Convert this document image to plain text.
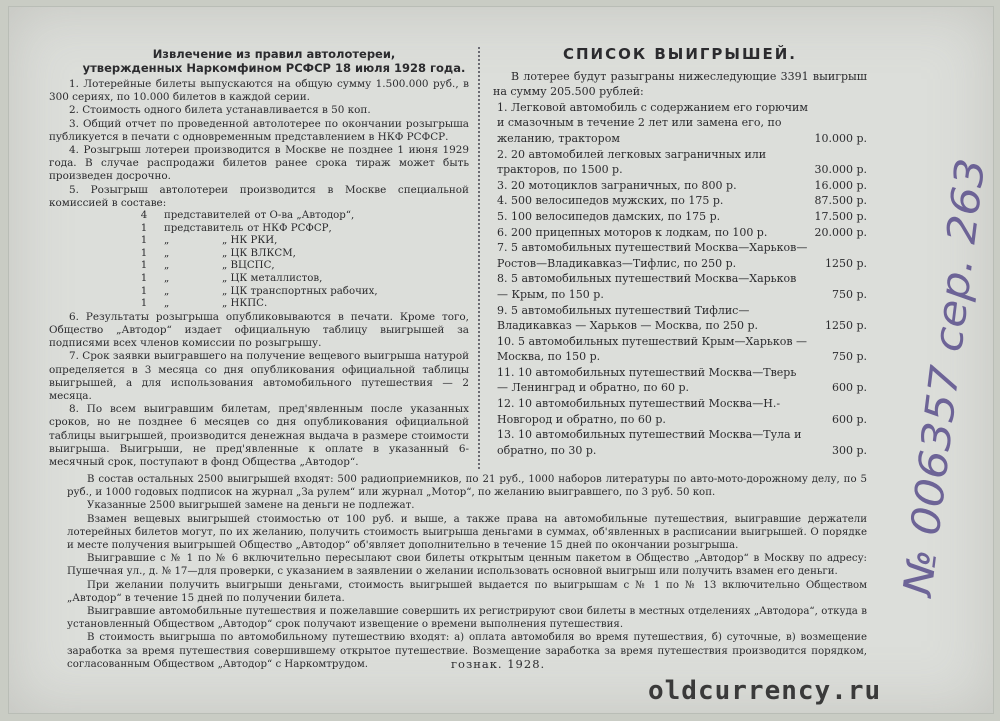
Извлечение из правил автолотереи,
утвержденных Наркомфином РСФСР 18 июля 1928 года.

1. Лотерейные билеты выпускаются на общую сумму 1.500.000 руб., в 300 сериях, по 10.000 билетов в каждой серии.

2. Стоимость одного билета устанавливается в 50 коп.

3. Общий отчет по проведенной автолотерее по окончании розыгрыша публикуется в печати с одновременным представлением в НКФ РСФСР.

4. Розыгрыш лотереи производится в Москве не позднее 1 июня 1929 года. В случае распродажи билетов ранее срока тираж может быть произведен досрочно.

5. Розыгрыш автолотереи производится в Москве специальной комиссией в составе:

4	представителей от О-ва „Автодор“,
1	представитель от НКФ РСФСР,
1	„	„ НК РКИ,
1	„	„ ЦК ВЛКСМ,
1	„	„ ВЦСПС,
1	„	„ ЦК металлистов,
1	„	„ ЦК транспортных рабочих,
1	„	„ НКПС.

6. Результаты розыгрыша опубликовываются в печати. Кроме того, Общество „Автодор“ издает официальную таблицу выигрышей за подписями всех членов комиссии по розыгрышу.

7. Срок заявки выигравшего на получение вещевого выигрыша натурой определяется в 3 месяца со дня опубликования официальной таблицы выигрышей, а для использования автомобильного путешествия — 2 месяца.

8. По всем выигравшим билетам, пред'явленным после указанных сроков, но не позднее 6 месяцев со дня опубликования официальной таблицы выигрышей, производится денежная выдача в размере стоимости выигрыша. Выигрыши, не пред'явленные к оплате в указанный 6-месячный срок, поступают в фонд Общества „Автодор“.

СПИСОК ВЫИГРЫШЕЙ.

В лотерее будут разыграны нижеследующие 3391 выигрыш на сумму 205.500 рублей:

1. Легковой автомобиль с содержанием его горючим и смазочным в течение 2 лет или замена его, по желанию, трактором	10.000 р.
2. 20 автомобилей легковых заграничных или тракторов, по 1500 р.	30.000 р.
3. 20 мотоциклов заграничных, по 800 р.	16.000 р.
4. 500 велосипедов мужских, по 175 р.	87.500 р.
5. 100 велосипедов дамских, по 175 р.	17.500 р.
6. 200 прицепных моторов к лодкам, по 100 р.	20.000 р.
7. 5 автомобильных путешествий Москва—Харьков—Ростов—Владикавказ—Тифлис, по 250 р.	1250 р.
8. 5 автомобильных путешествий Москва—Харьков — Крым, по 150 р.	750 р.
9. 5 автомобильных путешествий Тифлис—Владикавказ — Харьков — Москва, по 250 р.	1250 р.
10. 5 автомобильных путешествий Крым—Харьков — Москва, по 150 р.	750 р.
11. 10 автомобильных путешествий Москва—Тверь — Ленинград и обратно, по 60 р.	600 р.
12. 10 автомобильных путешествий Москва—Н.-Новгород и обратно, по 60 р.	600 р.
13. 10 автомобильных путешествий Москва—Тула и обратно, по 30 р.	300 р.

В состав остальных 2500 выигрышей входят: 500 радиоприемников, по 21 руб., 1000 наборов литературы по авто-мото-дорожному делу, по 5 руб., и 1000 годовых подписок на журнал „За рулем“ или журнал „Мотор“, по желанию выигравшего, по 3 руб. 50 коп.

Указанные 2500 выигрышей замене на деньги не подлежат.

Взамен вещевых выигрышей стоимостью от 100 руб. и выше, а также права на автомобильные путешествия, выигравшие держатели лотерейных билетов могут, по их желанию, получить стоимость выигрыша деньгами в суммах, об'явленных в расписании выигрышей. О порядке и месте получения выигрышей Общество „Автодор“ об'являет дополнительно в течение 15 дней по окончании розыгрыша.

Выигравшие с № 1 по № 6 включительно пересылают свои билеты открытым ценным пакетом в Общество „Автодор“ в Москву по адресу: Пушечная ул., д. № 17—для проверки, с указанием в заявлении о желании использовать основной выигрыш или получить взамен его деньги.

При желании получить выигрыши деньгами, стоимость выигрышей выдается по выигрышам с № 1 по № 13 включительно Обществом „Автодор“ в течение 15 дней по получении билета.

Выигравшие автомобильные путешествия и пожелавшие совершить их регистрируют свои билеты в местных отделениях „Автодора“, откуда в установленный Обществом „Автодор“ срок получают извещение о времени выполнения путешествия.

В стоимость выигрыша по автомобильному путешествию входят: а) оплата автомобиля во время путешествия, б) суточные, в) возмещение заработка за время путешествия совершившему открытое путешествие. Возмещение заработка за время путешествия производится порядком, согласованным Обществом „Автодор“ с Наркомтрудом.	гознак. 1928.
№ 006357 сер. 263
oldcurrency.ru
